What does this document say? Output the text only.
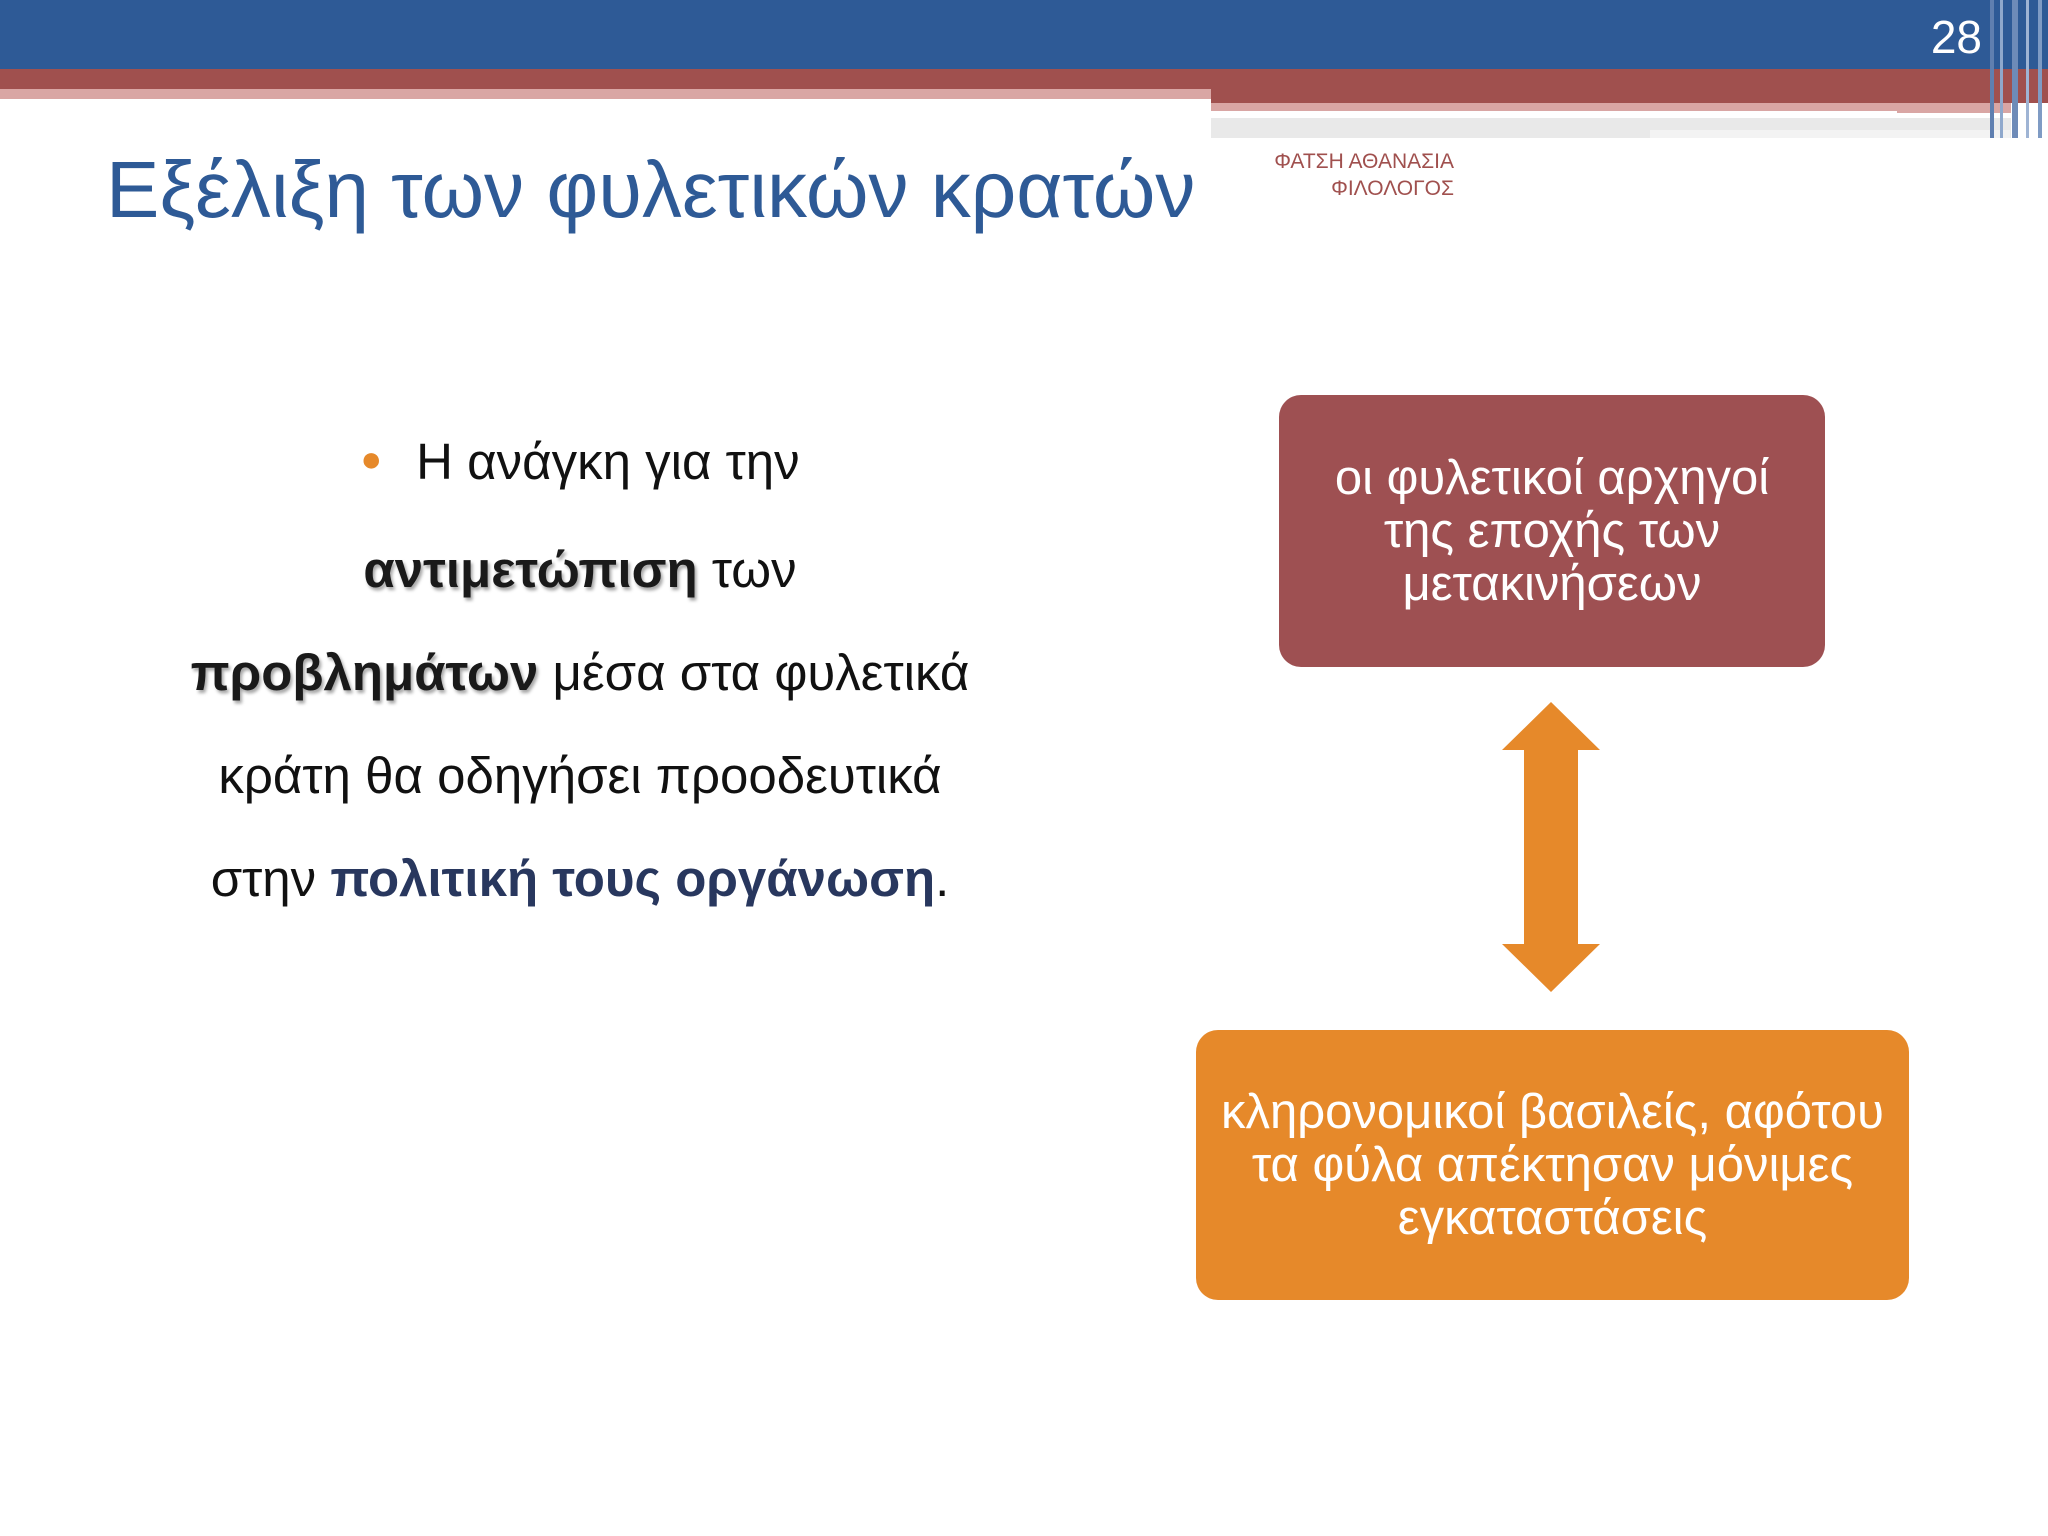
28
Εξέλιξη των φυλετικών κρατών	ΦΑΤΣΗ ΑΘΑΝΑΣΙΑ
ΦΙΛΟΛΟΓΟΣ
● Η ανάγκη για την
αντιμετώπιση των
προβλημάτων μέσα στα φυλετικά κράτη θα οδηγήσει προοδευτικά στην πολιτική τους οργάνωση.
οι φυλετικοί αρχηγοί της εποχής των μετακινήσεων
κληρονομικοί βασιλείς, αφότου τα φύλα απέκτησαν μόνιμες εγκαταστάσεις
